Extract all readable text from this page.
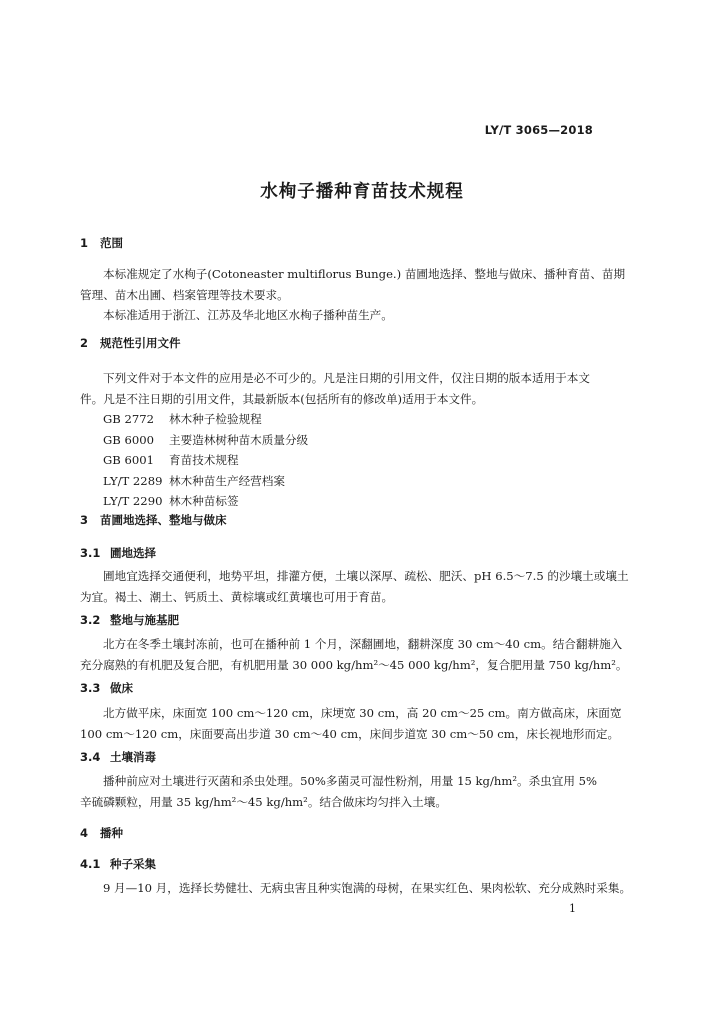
LY/T 3065—2018
水栒子播种育苗技术规程
1 范围
本标准规定了水栒子(Cotoneaster multiflorus Bunge.) 苗圃地选择、整地与做床、播种育苗、苗期
管理、苗木出圃、档案管理等技术要求。
本标准适用于浙江、江苏及华北地区水栒子播种苗生产。
2 规范性引用文件
下列文件对于本文件的应用是必不可少的。凡是注日期的引用文件，仅注日期的版本适用于本文
件。凡是不注日期的引用文件，其最新版本(包括所有的修改单)适用于本文件。
GB 2772 林木种子检验规程
GB 6000 主要造林树种苗木质量分级
GB 6001 育苗技术规程
LY/T 2289 林木种苗生产经营档案
LY/T 2290 林木种苗标签
3 苗圃地选择、整地与做床
3.1 圃地选择
圃地宜选择交通便利，地势平坦，排灌方便，土壤以深厚、疏松、肥沃、pH 6.5～7.5 的沙壤土或壤土
为宜。褐土、潮土、钙质土、黄棕壤或红黄壤也可用于育苗。
3.2 整地与施基肥
北方在冬季土壤封冻前，也可在播种前 1 个月，深翻圃地，翻耕深度 30 cm～40 cm。结合翻耕施入
充分腐熟的有机肥及复合肥，有机肥用量 30 000 kg/hm²～45 000 kg/hm²，复合肥用量 750 kg/hm²。
3.3 做床
北方做平床，床面宽 100 cm～120 cm，床埂宽 30 cm，高 20 cm～25 cm。南方做高床，床面宽
100 cm～120 cm，床面要高出步道 30 cm～40 cm，床间步道宽 30 cm～50 cm，床长视地形而定。
3.4 土壤消毒
播种前应对土壤进行灭菌和杀虫处理。50%多菌灵可湿性粉剂，用量 15 kg/hm²。杀虫宜用 5%
辛硫磷颗粒，用量 35 kg/hm²～45 kg/hm²。结合做床均匀拌入土壤。
4 播种
4.1 种子采集
9 月—10 月，选择长势健壮、无病虫害且种实饱满的母树，在果实红色、果肉松软、充分成熟时采集。
1
